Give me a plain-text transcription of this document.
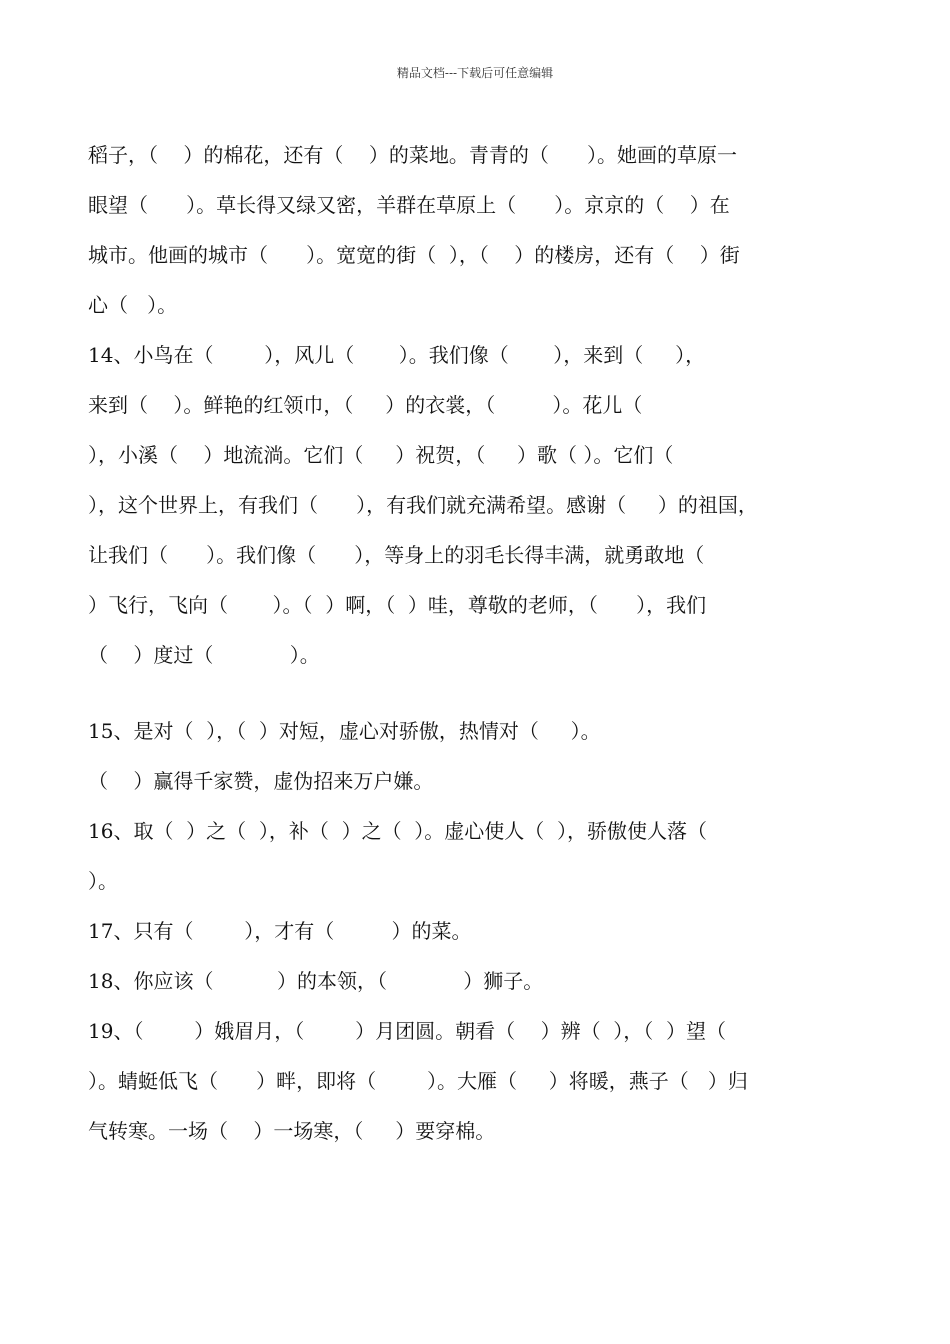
精品文档---下载后可任意编辑
稻子，（    ）的棉花，还有（    ）的菜地。青青的（      ）。她画的草原一
眼望（      ）。草长得又绿又密，羊群在草原上（      ）。京京的（    ）在
城市。他画的城市（      ）。宽宽的街（  ），（    ）的楼房，还有（    ）街
心（   ）。
14、小鸟在（        ），风儿（       ）。我们像（       ），来到（     ），
来到（    ）。鲜艳的红领巾，（     ）的衣裳，（         ）。花儿（
），小溪（    ）地流淌。它们（     ）祝贺，（     ）歌（ ）。它们（
），这个世界上，有我们（      ），有我们就充满希望。感谢（     ）的祖国，
让我们（      ）。我们像（      ），等身上的羽毛长得丰满，就勇敢地（
）飞行，飞向（       ）。（  ）啊，（  ）哇，尊敬的老师，（      ），我们
（    ）度过（            ）。
15、是对（  ），（  ）对短，虚心对骄傲，热情对（     ）。
（    ）赢得千家赞，虚伪招来万户嫌。
16、取（  ）之（  ），补（  ）之（  ）。虚心使人（  ），骄傲使人落（
）。
17、只有（        ），才有（         ）的菜。
18、你应该（          ）的本领，（            ）狮子。
19、（        ）娥眉月，（        ）月团圆。朝看（    ）辨（  ），（  ）望（
）。蜻蜓低飞（      ）畔，即将（        ）。大雁（     ）将暖，燕子（   ）归
气转寒。一场（    ）一场寒，（     ）要穿棉。
